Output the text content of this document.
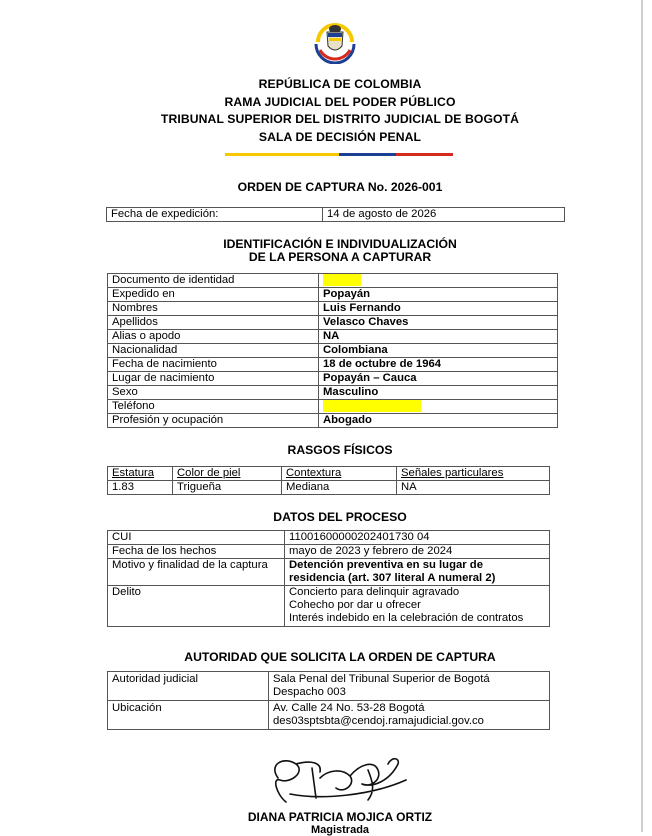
REPÚBLICA DE COLOMBIA
RAMA JUDICIAL DEL PODER PÚBLICO
TRIBUNAL SUPERIOR DEL DISTRITO JUDICIAL DE BOGOTÁ
SALA DE DECISIÓN PENAL
ORDEN DE CAPTURA No. 2026-001
Fecha de expedición:	14 de agosto de 2026
IDENTIFICACIÓN E INDIVIDUALIZACIÓN
DE LA PERSONA A CAPTURAR
Documento de identidad	
Expedido en	Popayán
Nombres	Luis Fernando
Apellidos	Velasco Chaves
Alias o apodo	NA
Nacionalidad	Colombiana
Fecha de nacimiento	18 de octubre de 1964
Lugar de nacimiento	Popayán – Cauca
Sexo	Masculino
Teléfono	
Profesión y ocupación	Abogado
RASGOS FÍSICOS
Estatura	Color de piel	Contextura	Señales particulares
1.83	Trigueña	Mediana	NA
DATOS DEL PROCESO
CUI	11001600000202401730 04
Fecha de los hechos	mayo de 2023 y febrero de 2024
Motivo y finalidad de la captura	Detención preventiva en su lugar de
residencia (art. 307 literal A numeral 2)

Delito	Concierto para delinquir agravado
Cohecho por dar u ofrecer
Interés indebido en la celebración de contratos
AUTORIDAD QUE SOLICITA LA ORDEN DE CAPTURA
Autoridad judicial	Sala Penal del Tribunal Superior de Bogotá
Despacho 003

Ubicación	Av. Calle 24 No. 53-28 Bogotá
des03sptsbta@cendoj.ramajudicial.gov.co
DIANA PATRICIA MOJICA ORTIZ
Magistrada
